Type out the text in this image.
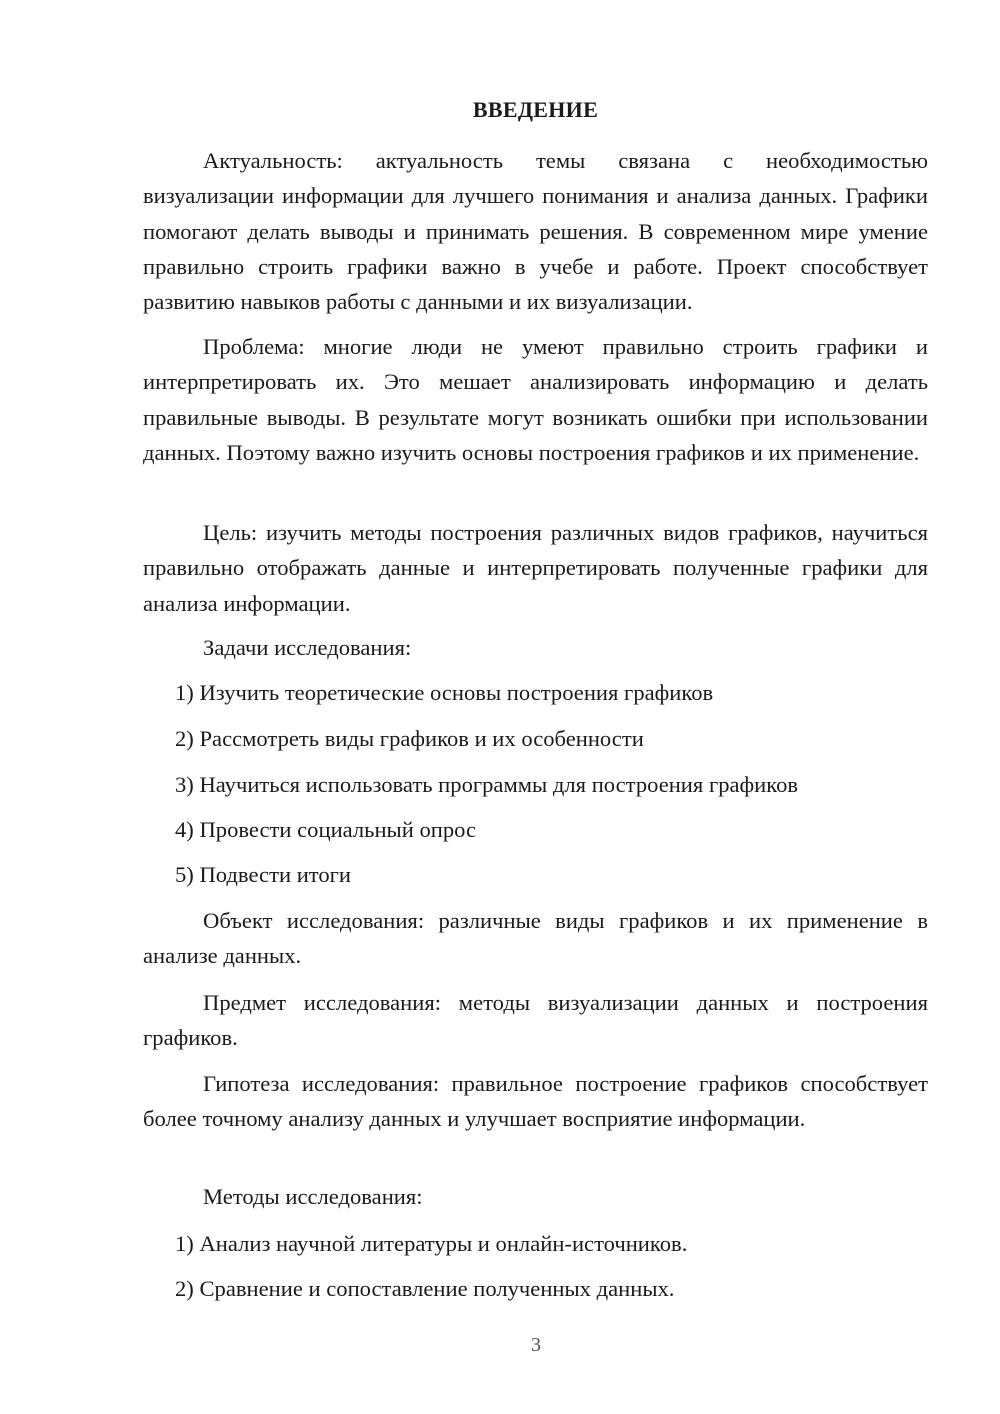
ВВЕДЕНИЕ

Актуальность: актуальность темы связана с необходимостью визуализации информации для лучшего понимания и анализа данных. Графики помогают делать выводы и принимать решения. В современном мире умение правильно строить графики важно в учебе и работе. Проект способствует развитию навыков работы с данными и их визуализации.

Проблема: многие люди не умеют правильно строить графики и интерпретировать их. Это мешает анализировать информацию и делать правильные выводы. В результате могут возникать ошибки при использовании данных. Поэтому важно изучить основы построения графиков и их применение.

Цель: изучить методы построения различных видов графиков, научиться правильно отображать данные и интерпретировать полученные графики для анализа информации.

Задачи исследования:

1) Изучить теоретические основы построения графиков

2) Рассмотреть виды графиков и их особенности

3) Научиться использовать программы для построения графиков

4) Провести социальный опрос

5) Подвести итоги

Объект исследования: различные виды графиков и их применение в анализе данных.

Предмет исследования: методы визуализации данных и построения графиков.

Гипотеза исследования: правильное построение графиков способствует более точному анализу данных и улучшает восприятие информации.

Методы исследования:

1) Анализ научной литературы и онлайн-источников.

2) Сравнение и сопоставление полученных данных.

3
